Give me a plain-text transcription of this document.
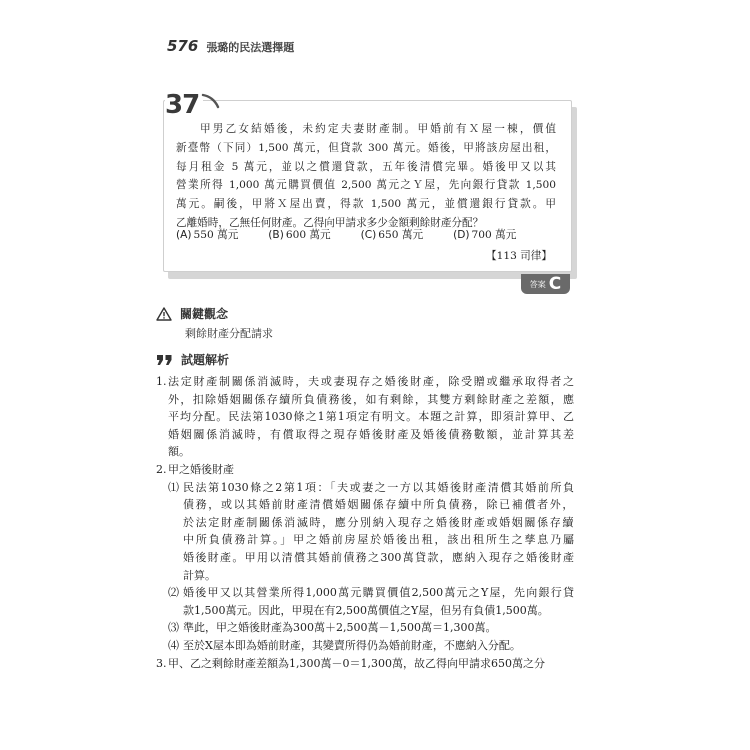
576 張璐的民法選擇題
37
甲男乙女結婚後，未約定夫妻財產制。甲婚前有Ｘ屋一棟，價值
新臺幣（下同）1,500 萬元，但貸款 300 萬元。婚後，甲將該房屋出租，
每月租金 5 萬元，並以之償還貸款，五年後清償完畢。婚後甲又以其
營業所得 1,000 萬元購買價值 2,500 萬元之Ｙ屋，先向銀行貸款 1,500
萬元。嗣後，甲將Ｘ屋出賣，得款 1,500 萬元，並償還銀行貸款。甲
乙離婚時，乙無任何財產。乙得向甲請求多少金額剩餘財產分配？
(A) 550 萬元	(B) 600 萬元	(C) 650 萬元	(D) 700 萬元
【113 司律】
答案 C
關鍵觀念
剩餘財產分配請求
試題解析
1. 法定財產制關係消滅時，夫或妻現存之婚後財產，除受贈或繼承取得者之
外，扣除婚姻關係存續所負債務後，如有剩餘，其雙方剩餘財產之差額，應
平均分配。民法第1030條之1第1項定有明文。本題之計算，即須計算甲、乙
婚姻關係消滅時，有償取得之現存婚後財產及婚後債務數額，並計算其差
額。
2. 甲之婚後財產
⑴ 民法第1030條之2第1項：「夫或妻之一方以其婚後財產清償其婚前所負
債務，或以其婚前財產清償婚姻關係存續中所負債務，除已補償者外，
於法定財產制關係消滅時，應分別納入現存之婚後財產或婚姻關係存續
中所負債務計算。」甲之婚前房屋於婚後出租，該出租所生之孳息乃屬
婚後財產。甲用以清償其婚前債務之300萬貸款，應納入現存之婚後財產
計算。
⑵ 婚後甲又以其營業所得1,000萬元購買價值2,500萬元之Y屋，先向銀行貸
款1,500萬元。因此，甲現在有2,500萬價值之Y屋，但另有負債1,500萬。
⑶ 準此，甲之婚後財產為300萬＋2,500萬－1,500萬＝1,300萬。
⑷ 至於X屋本即為婚前財產，其變賣所得仍為婚前財產，不應納入分配。
3. 甲、乙之剩餘財產差額為1,300萬－0＝1,300萬，故乙得向甲請求650萬之分
